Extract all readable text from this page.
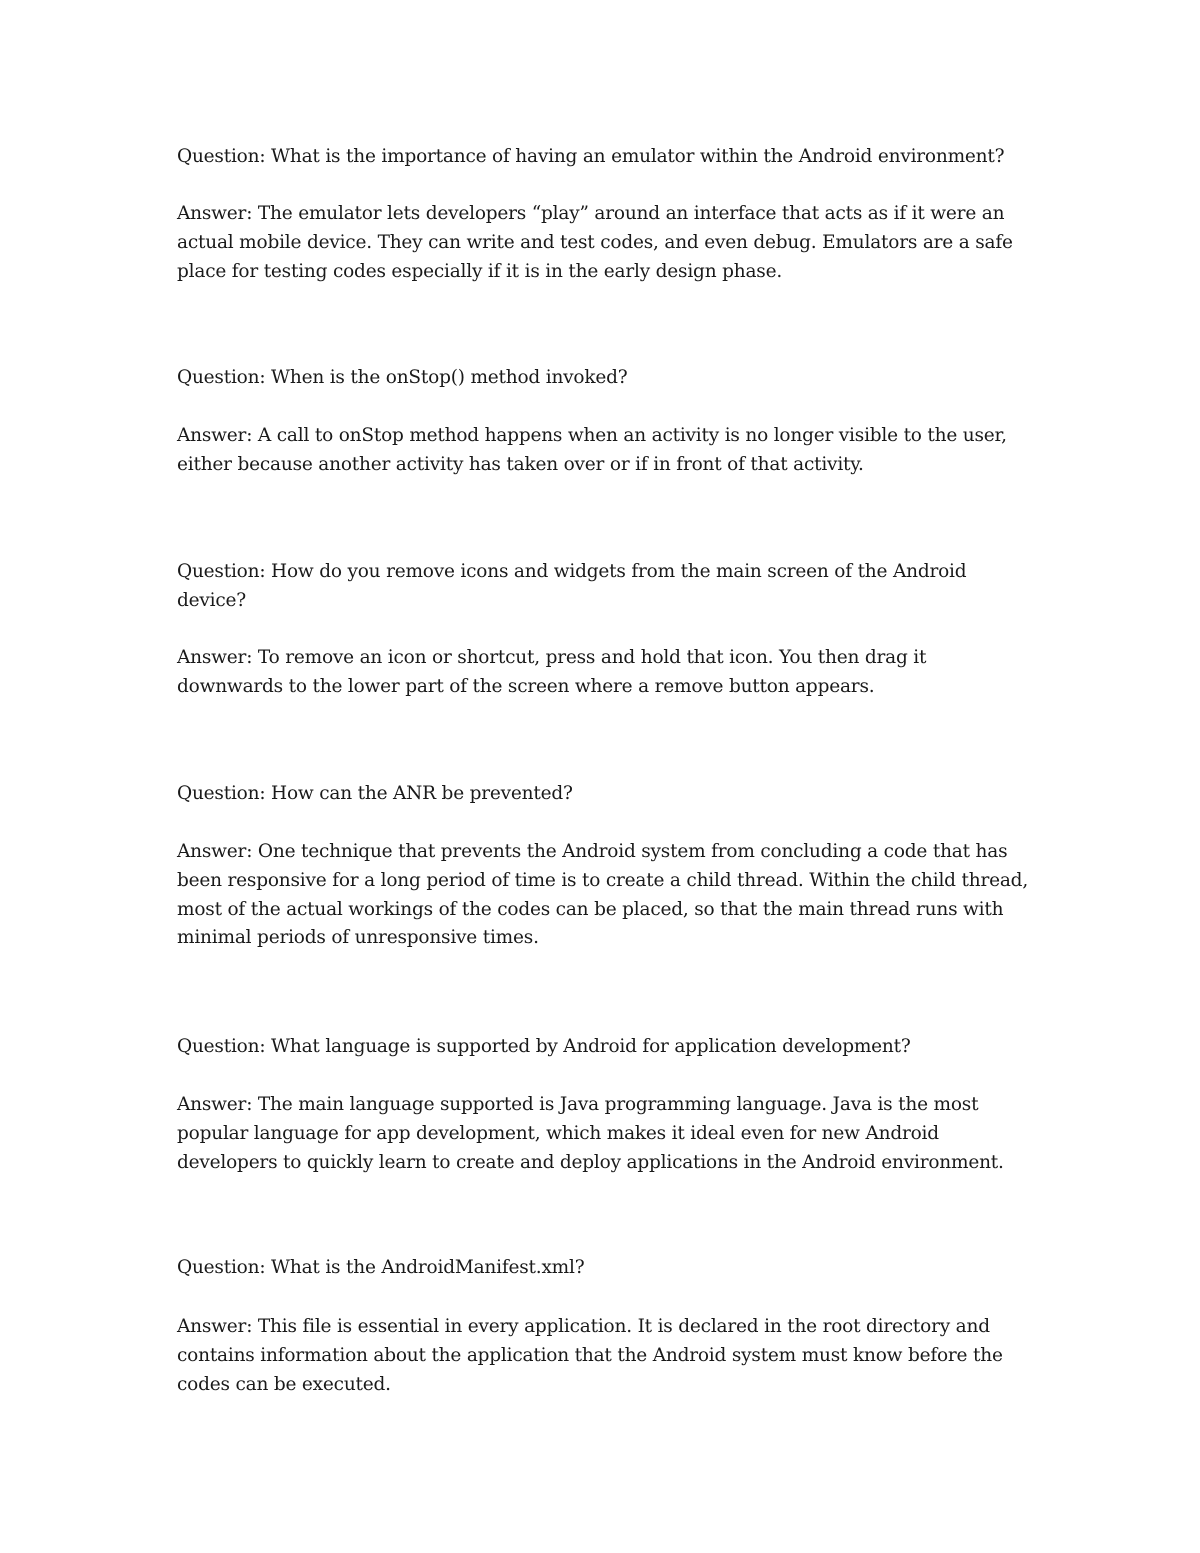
Question: What is the importance of having an emulator within the Android environment?

Answer: The emulator lets developers “play” around an interface that acts as if it were an actual mobile device. They can write and test codes, and even debug. Emulators are a safe place for testing codes especially if it is in the early design phase.

Question: When is the onStop() method invoked?

Answer: A call to onStop method happens when an activity is no longer visible to the user, either because another activity has taken over or if in front of that activity.

Question: How do you remove icons and widgets from the main screen of the Android device?

Answer: To remove an icon or shortcut, press and hold that icon. You then drag it downwards to the lower part of the screen where a remove button appears.

Question: How can the ANR be prevented?

Answer: One technique that prevents the Android system from concluding a code that has been responsive for a long period of time is to create a child thread. Within the child thread, most of the actual workings of the codes can be placed, so that the main thread runs with minimal periods of unresponsive times.

Question: What language is supported by Android for application development?

Answer: The main language supported is Java programming language. Java is the most popular language for app development, which makes it ideal even for new Android developers to quickly learn to create and deploy applications in the Android environment.

Question: What is the AndroidManifest.xml?

Answer: This file is essential in every application. It is declared in the root directory and contains information about the application that the Android system must know before the codes can be executed.
